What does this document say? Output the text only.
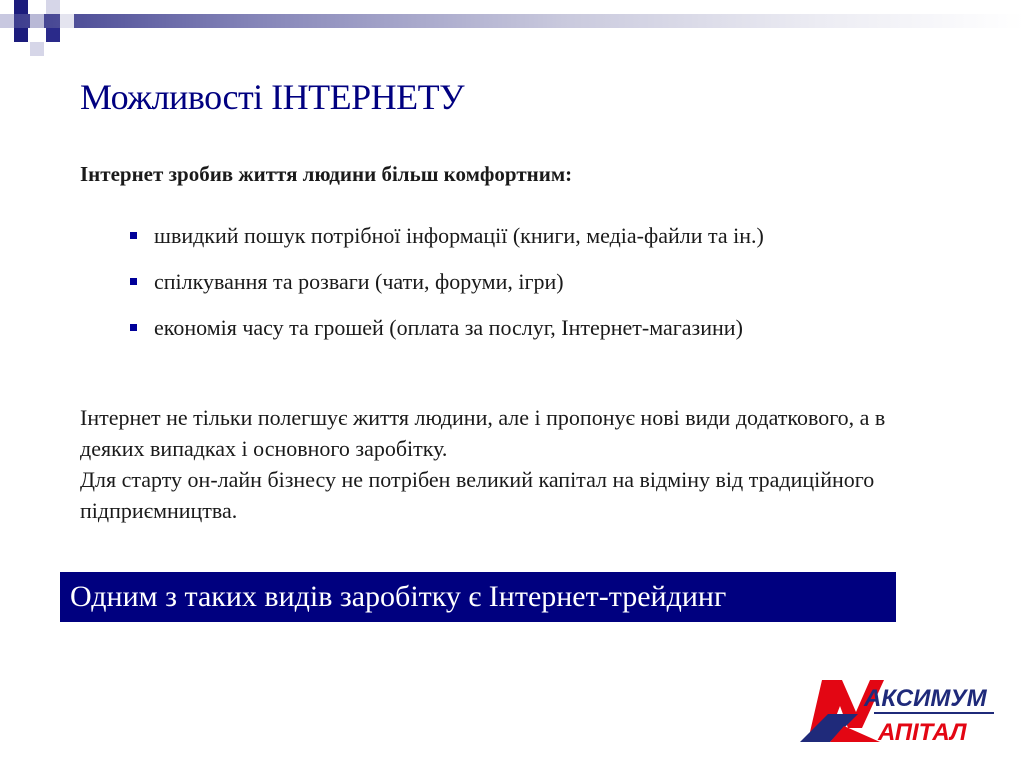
Можливості ІНТЕРНЕТУ

Інтернет зробив життя людини більш комфортним:

швидкий пошук потрібної інформації (книги, медіа-файли та ін.)
спілкування та розваги (чати, форуми, ігри)
економія часу та грошей (оплата за послуг, Інтернет-магазини)
Інтернет не тільки полегшує життя людини, але і пропонує нові види додаткового, а в деяких випадках і основного заробітку.
Для старту он-лайн бізнесу не потрібен великий капітал на відміну від традиційного підприємництва.
Одним з таких видів заробітку є Інтернет-трейдинг
АКСИМУМ
АПІТАЛ
